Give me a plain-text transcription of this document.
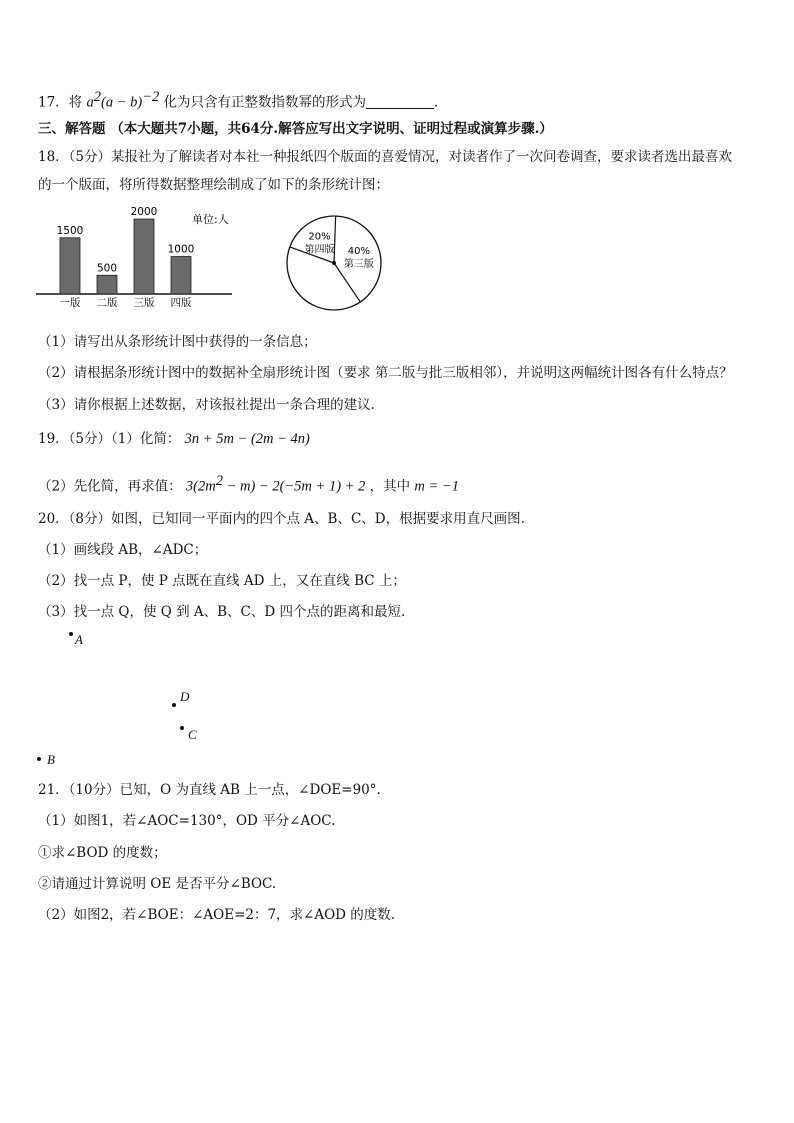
17．将 $a^2(a - b)^{-2}$ 化为只含有正整数指数幂的形式为	．
三、解答题 （本大题共7小题，共64分.解答应写出文字说明、证明过程或演算步骤.）
18．（5分）某报社为了解读者对本社一种报纸四个版面的喜爱情况，对读者作了一次问卷调查，要求读者选出最喜欢
的一个版面，将所得数据整理绘制成了如下的条形统计图：
单位:人
1500
一版
500
二版
2000
三版
1000
四版
20%
第四版 40%
第三版
（1）请写出从条形统计图中获得的一条信息；
（2）请根据条形统计图中的数据补全扇形统计图（要求 第二版与批三版相邻），并说明这两幅统计图各有什么特点？
（3）请你根据上述数据，对该报社提出一条合理的建议.
19．（5分）（1）化简： 3n + 5m − (2m − 4n)
（2）先化简，再求值： $3(2m^2 - m) - 2(-5m + 1) + 2$ ，其中 m = −1
20．（8分）如图，已知同一平面内的四个点 A、B、C、D，根据要求用直尺画图.
（1）画线段 AB，∠ADC；
（2）找一点 P，使 P 点既在直线 AD 上，又在直线 BC 上；
（3）找一点 Q，使 Q 到 A、B、C、D 四个点的距离和最短.
A
D
C
B
21．（10分）已知，O 为直线 AB 上一点，∠DOE=90°.
（1）如图1，若∠AOC=130°，OD 平分∠AOC.
①求∠BOD 的度数；
②请通过计算说明 OE 是否平分∠BOC.
（2）如图2，若∠BOE：∠AOE=2：7，求∠AOD 的度数.
